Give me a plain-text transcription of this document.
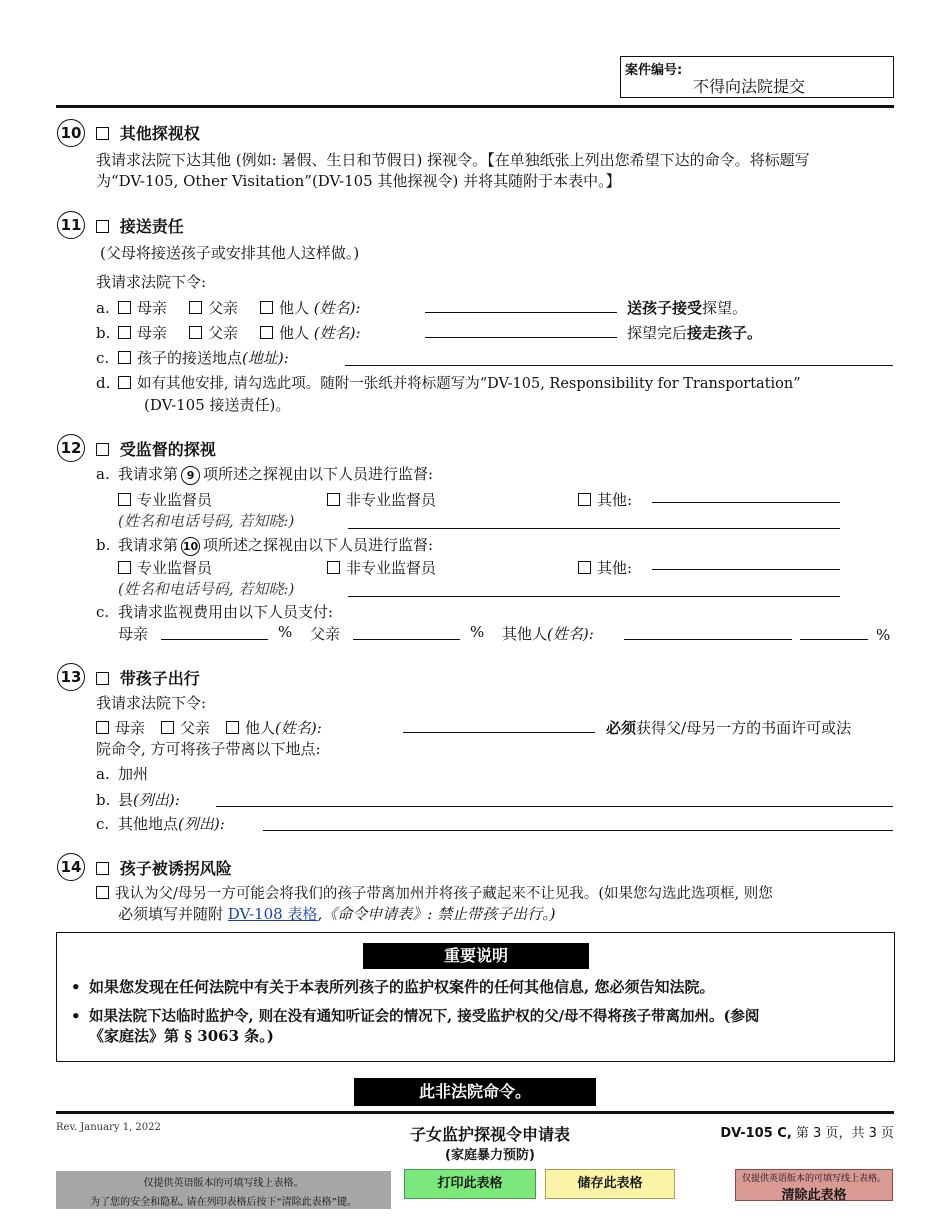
案件编号:
不得向法院提交
10	其他探视权
我请求法院下达其他 (例如: 暑假、生日和节假日) 探视令。【在单独纸张上列出您希望下达的命令。将标题写
为“DV-105, Other Visitation”(DV-105 其他探视令) 并将其随附于本表中。】
11	接送责任
(父母将接送孩子或安排其他人这样做。)
我请求法院下令:
a. 母亲	父亲	他人 (姓名):	送孩子接受探望。
b. 母亲	父亲	他人 (姓名):	探望完后接走孩子。
c. 孩子的接送地点(地址):
d. 如有其他安排, 请勾选此项。随附一张纸并将标题写为“DV-105, Responsibility for Transportation”
(DV-105 接送责任)。
12	受监督的探视
a. 我请求第 9 项所述之探视由以下人员进行监督:
专业监督员	非专业监督员	其他:
(姓名和电话号码, 若知晓:)
b. 我请求第 10 项所述之探视由以下人员进行监督:
专业监督员	非专业监督员	其他:
(姓名和电话号码, 若知晓:)
c. 我请求监视费用由以下人员支付:
母亲	% 父亲	% 其他人(姓名):	%
13	带孩子出行
我请求法院下令:
母亲 父亲 他人(姓名):	必须获得父/母另一方的书面许可或法
院命令, 方可将孩子带离以下地点:
a. 加州
b. 县(列出):
c. 其他地点(列出):
14	孩子被诱拐风险
我认为父/母另一方可能会将我们的孩子带离加州并将孩子藏起来不让见我。(如果您勾选此选项框, 则您
必须填写并随附 DV-108 表格,《命令申请表》: 禁止带孩子出行。)
重要说明
• 如果您发现在任何法院中有关于本表所列孩子的监护权案件的任何其他信息, 您必须告知法院。
• 如果法院下达临时监护令, 则在没有通知听证会的情况下, 接受监护权的父/母不得将孩子带离加州。(参阅
《家庭法》第 § 3063 条。)
此非法院命令。
Rev. January 1, 2022	子女监护探视令申请表
(家庭暴力预防)
DV-105 C, 第 3 页，共 3 页
仅提供英语版本的可填写线上表格。
为了您的安全和隐私, 请在列印表格后按下“清除此表格”键。
打印此表格	储存此表格	仅提供英语版本的可填写线上表格。
清除此表格
